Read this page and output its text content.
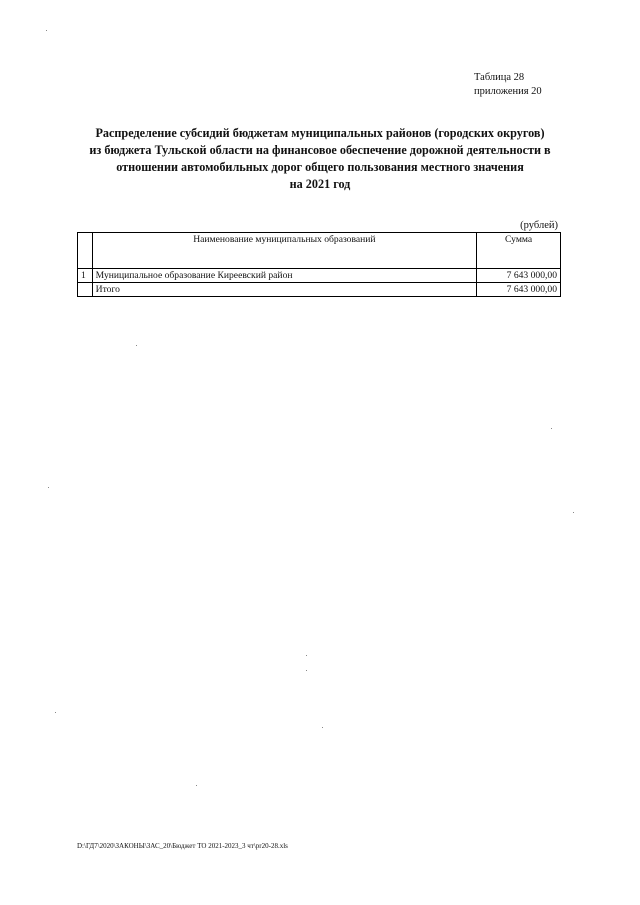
Таблица 28
приложения 20
Распределение субсидий бюджетам муниципальных районов (городских округов)
из бюджета Тульской области на финансовое обеспечение дорожной деятельности в
отношении автомобильных дорог общего пользования местного значения
на 2021 год
(рублей)
	Наименование муниципальных образований	Сумма
1	Муниципальное образование Киреевский район	7 643 000,00
	Итого	7 643 000,00
D:\ГД7\2020\ЗАКОНЫ\ЗАС_20\Бюджет ТО 2021-2023_3 чт\pr20-28.xls
